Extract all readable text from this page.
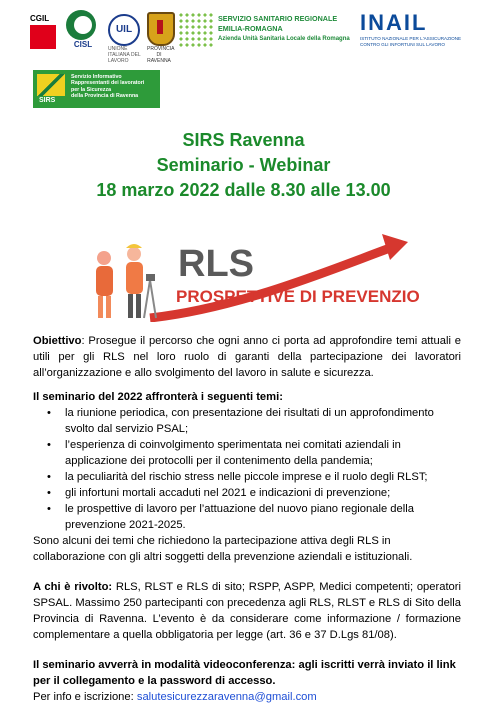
CGIL
CISL
UIL
UNIONE ITALIANA DEL LAVORO
PROVINCIA DI RAVENNA
SERVIZIO SANITARIO REGIONALE
EMILIA-ROMAGNA
Azienda Unità Sanitaria Locale della Romagna
INAIL
ISTITUTO NAZIONALE PER L'ASSICURAZIONE
CONTRO GLI INFORTUNI SUL LAVORO
SIRS
Servizio Informativo
Rappresentanti dei lavoratori
per la Sicurezza
della Provincia di Ravenna
SIRS Ravenna
Seminario - Webinar
18 marzo 2022 dalle 8.30 alle 13.00
RLS
PROSPETTIVE DI PREVENZIONE

Obiettivo: Prosegue il percorso che ogni anno ci porta ad approfondire temi attuali e utili per gli RLS nel loro ruolo di garanti della partecipazione dei lavoratori all’organizzazione e allo svolgimento del lavoro in salute e sicurezza.

Il seminario del 2022 affronterà i seguenti temi:

• la riunione periodica, con presentazione dei risultati di un approfondimento svolto dal servizio PSAL;
• l’esperienza di coinvolgimento sperimentata nei comitati aziendali in applicazione dei protocolli per il contenimento della pandemia;
• la peculiarità del rischio stress nelle piccole imprese e il ruolo degli RLST;
• gli infortuni mortali accaduti nel 2021 e indicazioni di prevenzione;
• le prospettive di lavoro per l’attuazione del nuovo piano regionale della prevenzione 2021-2025.

Sono alcuni dei temi che richiedono la partecipazione attiva degli RLS in collaborazione con gli altri soggetti della prevenzione aziendali e istituzionali.

A chi è rivolto: RLS, RLST e RLS di sito; RSPP, ASPP, Medici competenti; operatori SPSAL. Massimo 250 partecipanti con precedenza agli RLS, RLST e RLS di Sito della Provincia di Ravenna. L’evento è da considerare come informazione / formazione complementare a quella obbligatoria per legge (art. 36 e 37 D.Lgs 81/08).

Il seminario avverrà in modalità videoconferenza: agli iscritti verrà inviato il link per il collegamento e la password di accesso.

Per info e iscrizione: salutesicurezzaravenna@gmail.com
